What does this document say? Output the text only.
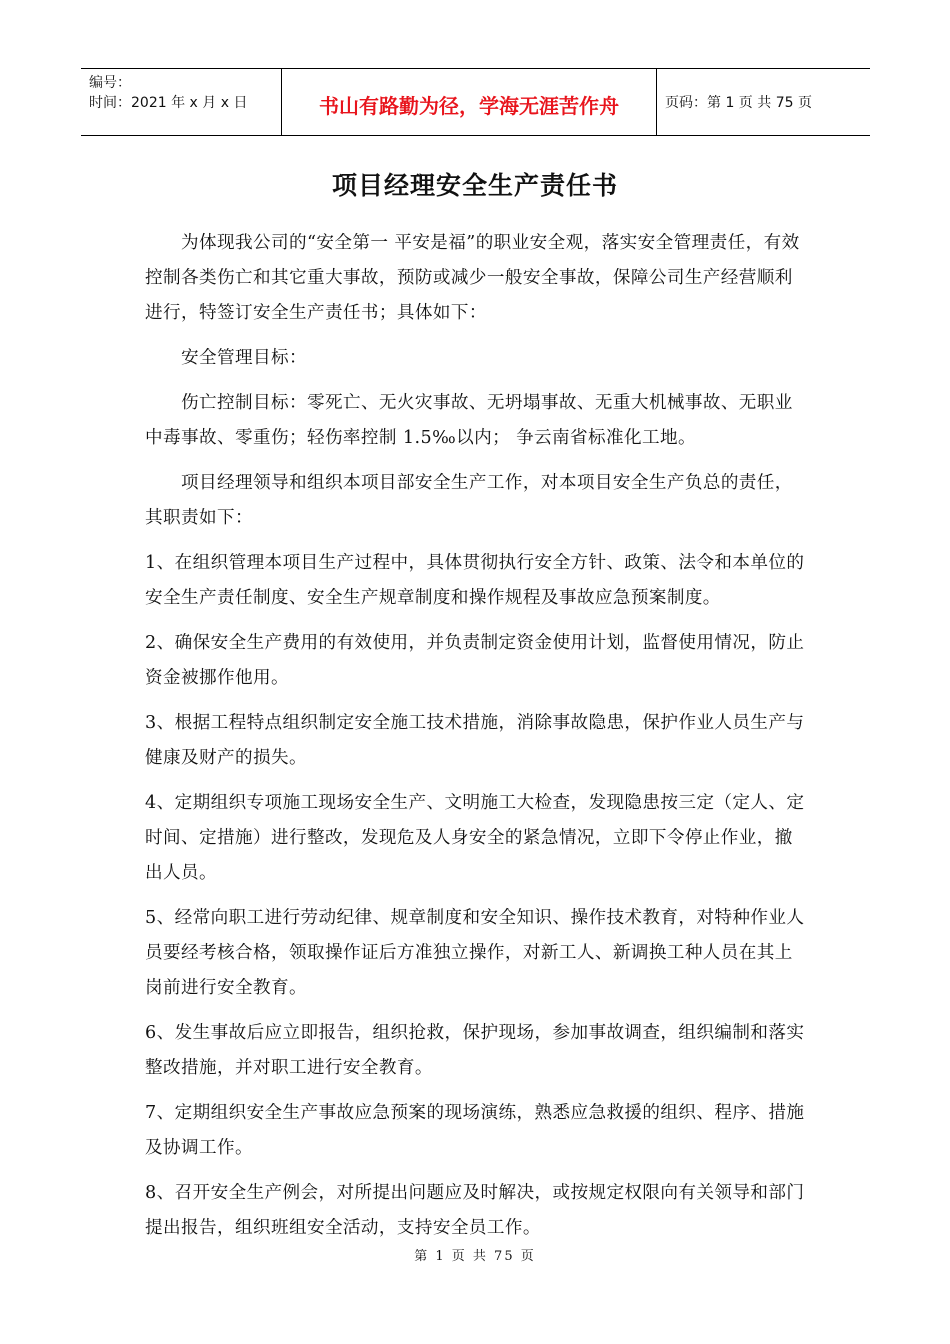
编号：
时间：2021 年 x 月 x 日	书山有路勤为径，学海无涯苦作舟	页码：第 1 页 共 75 页
项目经理安全生产责任书

为体现我公司的“安全第一 平安是福”的职业安全观，落实安全管理责任，有效控制各类伤亡和其它重大事故，预防或减少一般安全事故，保障公司生产经营顺利进行，特签订安全生产责任书；具体如下：

安全管理目标：

伤亡控制目标：零死亡、无火灾事故、无坍塌事故、无重大机械事故、无职业中毒事故、零重伤；轻伤率控制 1.5‰以内； 争云南省标准化工地。

项目经理领导和组织本项目部安全生产工作，对本项目安全生产负总的责任，其职责如下：

1、在组织管理本项目生产过程中，具体贯彻执行安全方针、政策、法令和本单位的安全生产责任制度、安全生产规章制度和操作规程及事故应急预案制度。

2、确保安全生产费用的有效使用，并负责制定资金使用计划，监督使用情况，防止资金被挪作他用。

3、根据工程特点组织制定安全施工技术措施，消除事故隐患，保护作业人员生产与健康及财产的损失。

4、定期组织专项施工现场安全生产、文明施工大检查，发现隐患按三定（定人、定时间、定措施）进行整改，发现危及人身安全的紧急情况，立即下令停止作业，撤出人员。

5、经常向职工进行劳动纪律、规章制度和安全知识、操作技术教育，对特种作业人员要经考核合格，领取操作证后方准独立操作，对新工人、新调换工种人员在其上岗前进行安全教育。

6、发生事故后应立即报告，组织抢救，保护现场，参加事故调查，组织编制和落实整改措施，并对职工进行安全教育。

7、定期组织安全生产事故应急预案的现场演练，熟悉应急救援的组织、程序、措施及协调工作。

8、召开安全生产例会，对所提出问题应及时解决，或按规定权限向有关领导和部门提出报告，组织班组安全活动，支持安全员工作。

第 1 页 共 75 页
